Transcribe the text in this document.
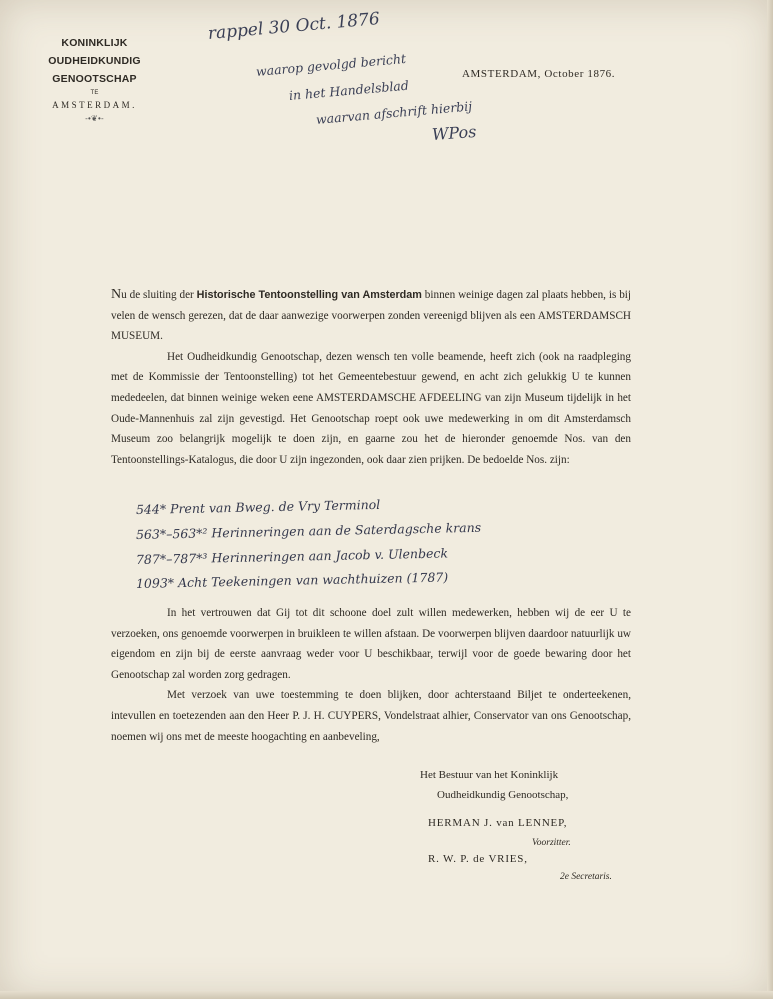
KONINKLIJK
OUDHEIDKUNDIG GENOOTSCHAP
TE
AMSTERDAM.
-•❦•-
AMSTERDAM, October 1876.
rappel 30 Oct. 1876
waarop gevolgd bericht
in het Handelsblad
waarvan afschrift hierbij
WPos

Nu de sluiting der Historische Tentoonstelling van Amsterdam binnen weinige dagen zal plaats hebben, is bij velen de wensch gerezen, dat de daar aanwezige voorwerpen zonden vereenigd blijven als een AMSTERDAMSCH MUSEUM.

Het Oudheidkundig Genootschap, dezen wensch ten volle beamende, heeft zich (ook na raadpleging met de Kommissie der Tentoonstelling) tot het Gemeentebestuur gewend, en acht zich gelukkig U te kunnen mededeelen, dat binnen weinige weken eene AMSTERDAMSCHE AFDEELING van zijn Museum tijdelijk in het Oude-Mannenhuis zal zijn gevestigd. Het Genootschap roept ook uwe medewerking in om dit Amsterdamsch Museum zoo belangrijk mogelijk te doen zijn, en gaarne zou het de hieronder genoemde Nos. van den Tentoonstellings-Katalogus, die door U zijn ingezonden, ook daar zien prijken. De bedoelde Nos. zijn:

544* Prent van Bweg. de Vry Terminol
563*–563*² Herinneringen aan de Saterdagsche krans
787*–787*³ Herinneringen aan Jacob v. Ulenbeck
1093* Acht Teekeningen van wachthuizen (1787)

In het vertrouwen dat Gij tot dit schoone doel zult willen medewerken, hebben wij de eer U te verzoeken, ons genoemde voorwerpen in bruikleen te willen afstaan. De voorwerpen blijven daardoor natuurlijk uw eigendom en zijn bij de eerste aanvraag weder voor U beschikbaar, terwijl voor de goede bewaring door het Genootschap zal worden zorg gedragen.

Met verzoek van uwe toestemming te doen blijken, door achterstaand Biljet te onderteekenen, intevullen en toetezenden aan den Heer P. J. H. CUYPERS, Vondelstraat alhier, Conservator van ons Genootschap, noemen wij ons met de meeste hoogachting en aanbeveling,

Het Bestuur van het Koninklijk
Oudheidkundig Genootschap,
HERMAN J. van LENNEP,
Voorzitter.
R. W. P. de VRIES,
2e Secretaris.
